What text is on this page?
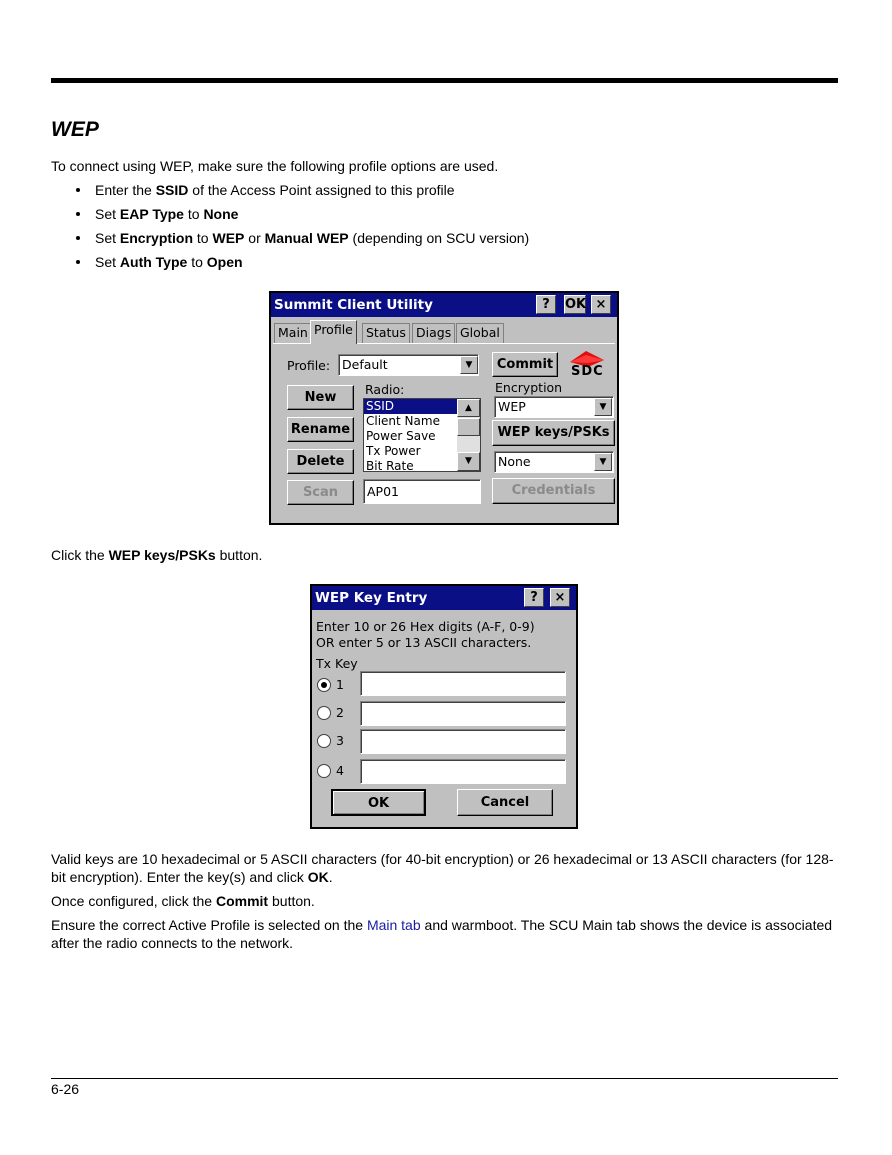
WEP
To connect using WEP, make sure the following profile options are used.
Enter the SSID of the Access Point assigned to this profile
Set EAP Type to None
Set Encryption to WEP or Manual WEP (depending on SCU version)
Set Auth Type to Open
Summit Client Utility	?	OK ×
Main Profile	Status Diags Global
Profile: Default	▼	Commit	SDC
New
Rename
Delete
Scan
Radio:
SSID
Client Name
Power Save
Tx Power
Bit Rate
▲
▼
AP01
Encryption
WEP	▼
WEP keys/PSKs
None	▼
Credentials
Click the WEP keys/PSKs button.
WEP Key Entry	?	×
Enter 10 or 26 Hex digits (A-F, 0-9)
OR enter 5 or 13 ASCII characters.
Tx Key
1
2
3
4
OK	Cancel
Valid keys are 10 hexadecimal or 5 ASCII characters (for 40-bit encryption) or 26 hexadecimal or 13 ASCII characters (for 128-
bit encryption). Enter the key(s) and click OK.
Once configured, click the Commit button.
Ensure the correct Active Profile is selected on the Main tab and warmboot. The SCU Main tab shows the device is associated
after the radio connects to the network.
6-26
